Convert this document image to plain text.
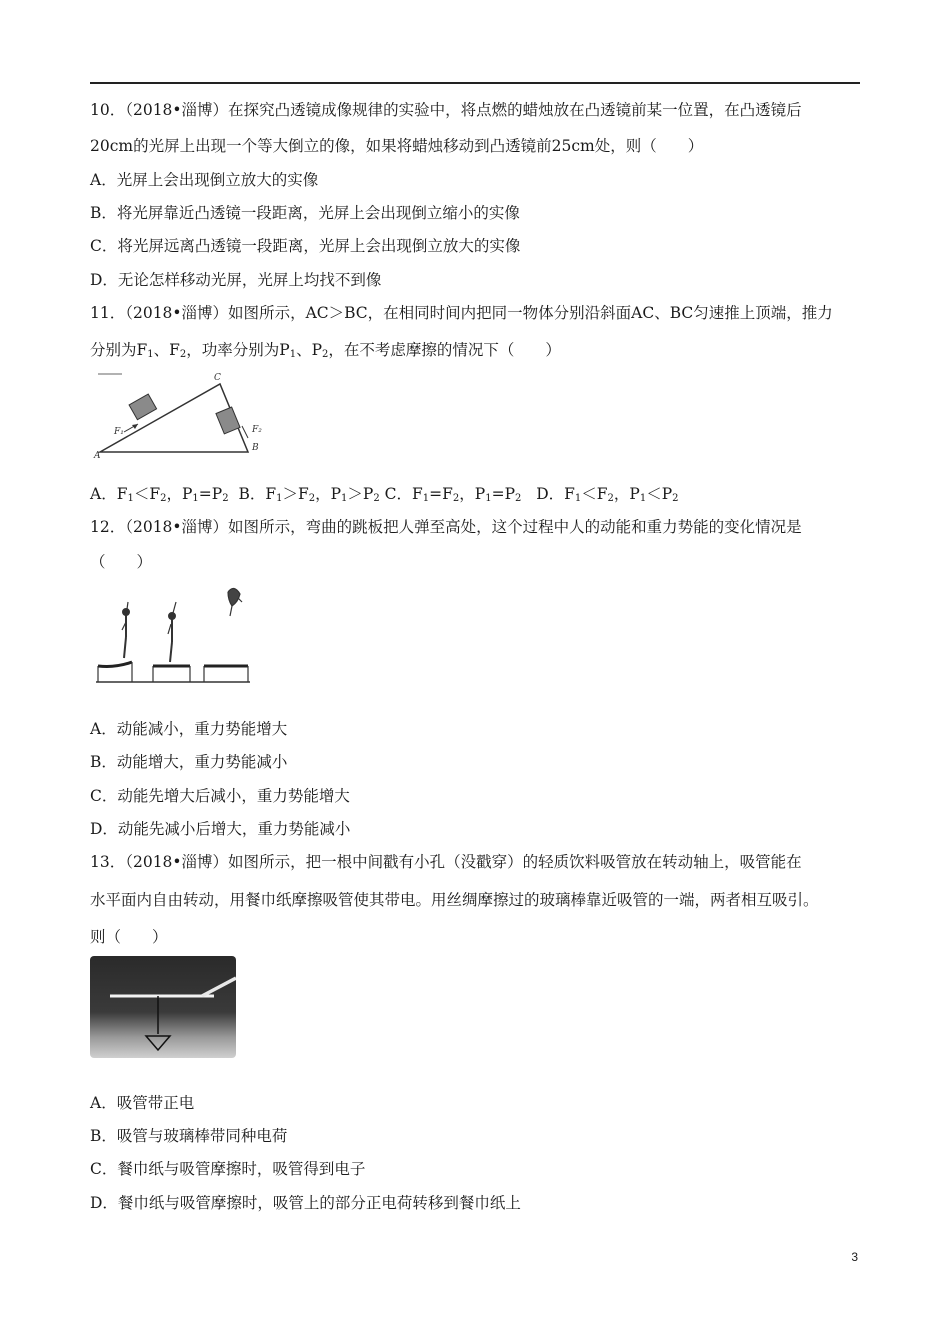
10．（2018•淄博）在探究凸透镜成像规律的实验中，将点燃的蜡烛放在凸透镜前某一位置，在凸透镜后
20cm的光屏上出现一个等大倒立的像，如果将蜡烛移动到凸透镜前25cm处，则（　　）
A．光屏上会出现倒立放大的实像
B．将光屏靠近凸透镜一段距离，光屏上会出现倒立缩小的实像
C．将光屏远离凸透镜一段距离，光屏上会出现倒立放大的实像
D．无论怎样移动光屏，光屏上均找不到像
11．（2018•淄博）如图所示，AC＞BC，在相同时间内把同一物体分别沿斜面AC、BC匀速推上顶端，推力
分别为$F_1$、$F_2$，功率分别为$P_1$、$P_2$，在不考虑摩擦的情况下（　　）
A
B
C
F₁	F₂
A．$F_1<F_2$，$P_1=P_2$ B．$F_1>F_2$，$P_1>P_2$ C．$F_1=F_2$，$P_1=P_2$ D．$F_1<F_2$，$P_1<P_2$
12．（2018•淄博）如图所示，弯曲的跳板把人弹至高处，这个过程中人的动能和重力势能的变化情况是
（　　）
A．动能减小，重力势能增大
B．动能增大，重力势能减小
C．动能先增大后减小，重力势能增大
D．动能先减小后增大，重力势能减小
13．（2018•淄博）如图所示，把一根中间戳有小孔（没戳穿）的轻质饮料吸管放在转动轴上，吸管能在
水平面内自由转动，用餐巾纸摩擦吸管使其带电。用丝绸摩擦过的玻璃棒靠近吸管的一端，两者相互吸引。
则（　　）
A．吸管带正电
B．吸管与玻璃棒带同种电荷
C．餐巾纸与吸管摩擦时，吸管得到电子
D．餐巾纸与吸管摩擦时，吸管上的部分正电荷转移到餐巾纸上
3
